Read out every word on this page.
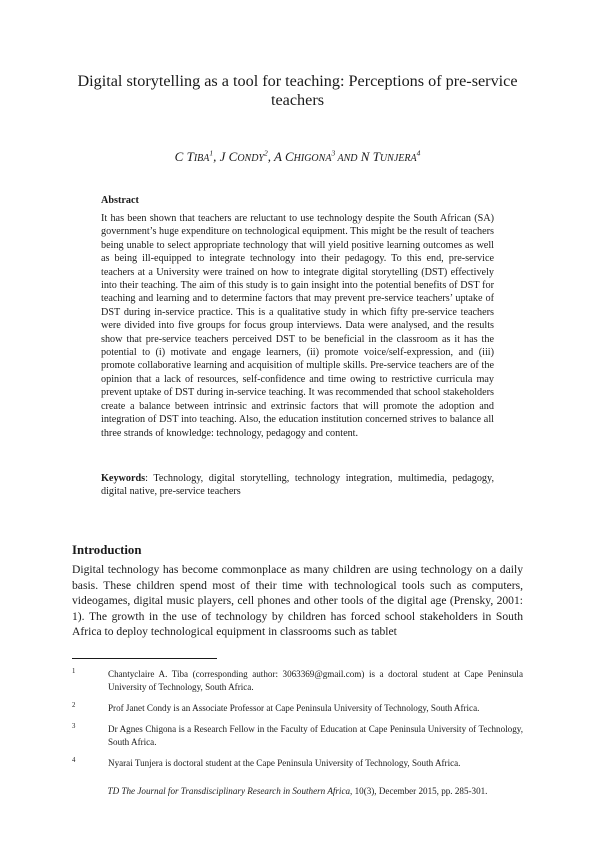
Digital storytelling as a tool for teaching: Perceptions of pre-service teachers
C TIBA$^1$, J CONDY$^2$, A CHIGONA$^3$ AND N TUNJERA$^4$
Abstract

It has been shown that teachers are reluctant to use technology despite the South African (SA) government’s huge expenditure on technological equipment. This might be the result of teachers being unable to select appropriate technology that will yield positive learning outcomes as well as being ill-equipped to integrate technology into their pedagogy. To this end, pre-service teachers at a University were trained on how to integrate digital storytelling (DST) effectively into their teaching. The aim of this study is to gain insight into the potential benefits of DST for teaching and learning and to determine factors that may prevent pre-service teachers’ uptake of DST during in-service practice. This is a qualitative study in which fifty pre-service teachers were divided into five groups for focus group interviews. Data were analysed, and the results show that pre-service teachers perceived DST to be beneficial in the classroom as it has the potential to (i) motivate and engage learners, (ii) promote voice/self-expression, and (iii) promote collaborative learning and acquisition of multiple skills. Pre-service teachers are of the opinion that a lack of resources, self-confidence and time owing to restrictive curricula may prevent uptake of DST during in-service teaching. It was recommended that school stakeholders create a balance between intrinsic and extrinsic factors that will promote the adoption and integration of DST into teaching. Also, the education institution concerned strives to balance all three strands of knowledge: technology, pedagogy and content.

Keywords: Technology, digital storytelling, technology integration, multimedia, pedagogy, digital native, pre-service teachers

Introduction

Digital technology has become commonplace as many children are using technology on a daily basis. These children spend most of their time with technological tools such as computers, videogames, digital music players, cell phones and other tools of the digital age (Prensky, 2001: 1). The growth in the use of technology by children has forced school stakeholders in South Africa to deploy technological equipment in classrooms such as tablet

1	Chantyclaire A. Tiba (corresponding author: 3063369@gmail.com) is a doctoral student at Cape Peninsula University of Technology, South Africa.

2	Prof Janet Condy is an Associate Professor at Cape Peninsula University of Technology, South Africa.

3	Dr Agnes Chigona is a Research Fellow in the Faculty of Education at Cape Peninsula University of Technology, South Africa.

4	Nyarai Tunjera is doctoral student at the Cape Peninsula University of Technology, South Africa.

TD The Journal for Transdisciplinary Research in Southern Africa, 10(3), December 2015, pp. 285-301.
